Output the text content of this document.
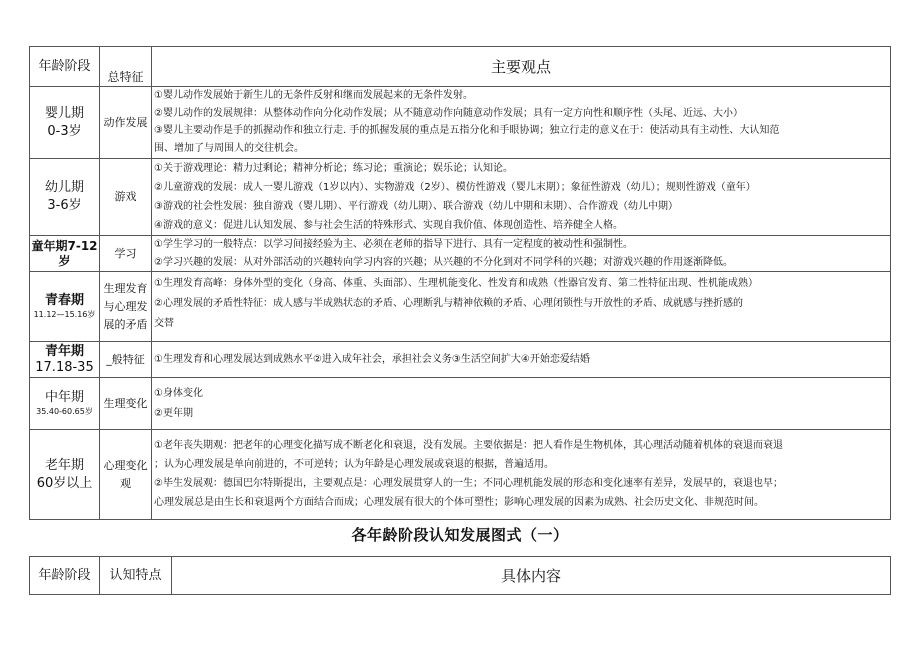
年龄阶段	总特征	主要观点

婴儿期
0-3岁	动作发展	①婴儿动作发展始于新生儿的无条件反射和继而发展起来的无条件发射。
②婴儿动作的发展规律：从整体动作向分化动作发展；从不随意动作向随意动作发展；具有一定方向性和顺序性（头尾、近远、大小）
③婴儿主要动作是手的抓握动作和独立行走. 手的抓握发展的重点是五指分化和手眼协调；独立行走的意义在于：使活动具有主动性、大认知范
围、增加了与周围人的交往机会。

幼儿期
3-6岁	游戏	①关于游戏理论：精力过剩论；精神分析论；练习论；重演论；娱乐论；认知论。
②儿童游戏的发展：成人一婴儿游戏（1岁以内）、实物游戏（2岁）、模仿性游戏（婴儿末期）；象征性游戏（幼儿）；规则性游戏（童年）
③游戏的社会性发展：独自游戏（婴儿期）、平行游戏（幼儿期）、联合游戏（幼儿中期和末期）、合作游戏（幼儿中期）
④游戏的意义：促进儿认知发展、参与社会生活的特殊形式、实现自我价值、体现创造性、培养健全人格。

童年期7-12岁	学习	①学生学习的一般特点：以学习间接经验为主、必须在老师的指导下进行、具有一定程度的被动性和强制性。
②学习兴趣的发展：从对外部活动的兴趣转向学习内容的兴趣；从兴趣的不分化到对不同学科的兴趣；对游戏兴趣的作用逐渐降低。

青春期
11.12—15.16岁	生理发育与心理发展的矛盾	①生理发育高峰：身体外型的变化（身高、体重、头面部）、生理机能变化、性发育和成熟（性器官发育、第二性特征出现、性机能成熟）
②心理发展的矛盾性特征：成人感与半成熟状态的矛盾、心理断乳与精神依赖的矛盾、心理闭锁性与开放性的矛盾、成就感与挫折感的
交替

青年期
17.18-35	_般特征	①生理发育和心理发展达到成熟水平②进入成年社会，承担社会义务③生活空间扩大④开始恋爱结婚

中年期
35.40-60.65岁	生理变化	①身体变化
②更年期

老年期
60岁以上	心理变化观	①老年丧失期观：把老年的心理变化描写成不断老化和衰退，没有发展。主要依据是：把人看作是生物机体，其心理活动随着机体的衰退而衰退
；认为心理发展是单向前进的，不可逆转；认为年龄是心理发展或衰退的根据，普遍适用。
②毕生发展观：德国巴尔特斯提出，主要观点是：心理发展贯穿人的一生；不同心理机能发展的形态和变化速率有差异，发展早的，衰退也早；
心理发展总是由生长和衰退两个方面结合而成；心理发展有很大的个体可塑性；影响心理发展的因素为成熟、社会历史文化、非规范时间。
各年龄阶段认知发展图式（一）
年龄阶段	认知特点	具体内容
